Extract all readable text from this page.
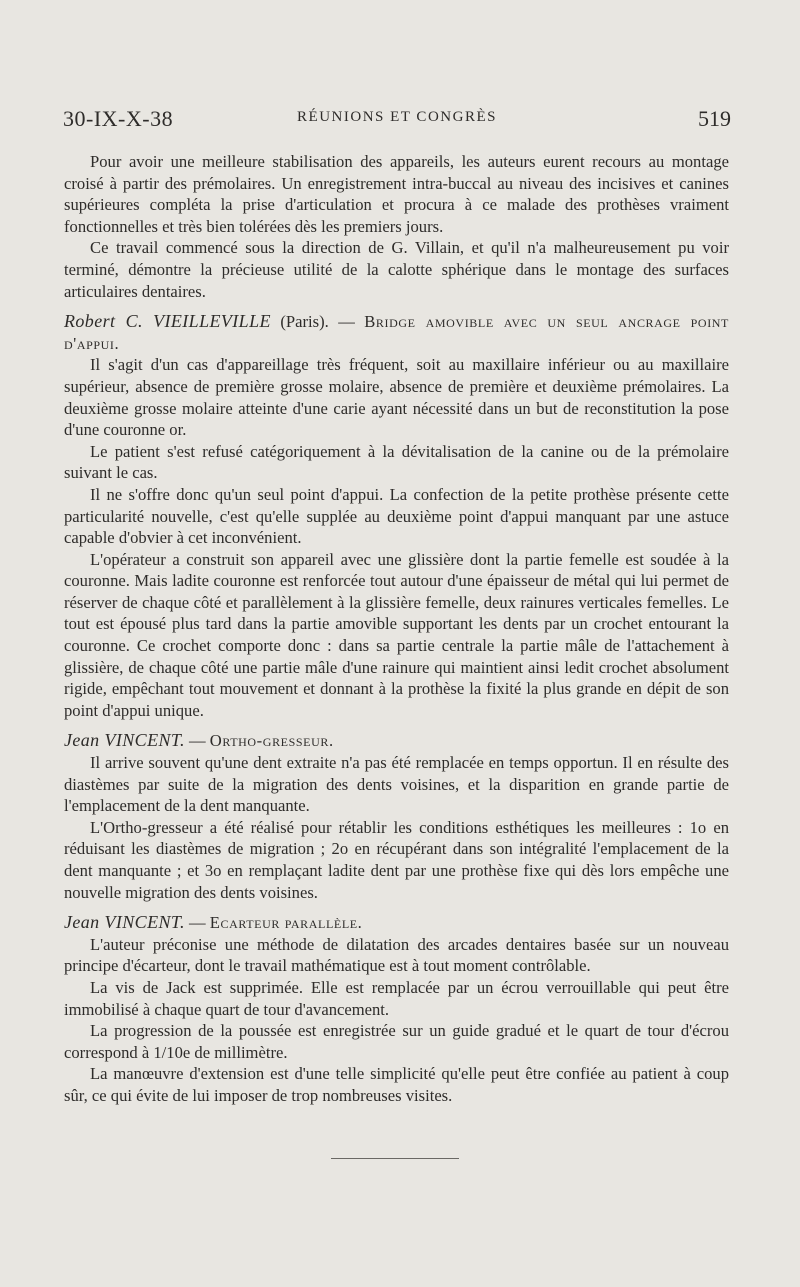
30-IX-X-38	RÉUNIONS ET CONGRÈS	519

Pour avoir une meilleure stabilisation des appareils, les auteurs eurent recours au montage croisé à partir des prémolaires. Un enregistrement intra-buccal au niveau des incisives et canines supérieures compléta la prise d'articulation et procura à ce malade des prothèses vraiment fonctionnelles et très bien tolérées dès les premiers jours.

Ce travail commencé sous la direction de G. Villain, et qu'il n'a malheureusement pu voir terminé, démontre la précieuse utilité de la calotte sphérique dans le montage des surfaces articulaires dentaires.

Robert C. VIEILLEVILLE (Paris). — Bridge amovible avec un seul ancrage point d'appui.

Il s'agit d'un cas d'appareillage très fréquent, soit au maxillaire inférieur ou au maxillaire supérieur, absence de première grosse molaire, absence de première et deuxième prémolaires. La deuxième grosse molaire atteinte d'une carie ayant nécessité dans un but de reconstitution la pose d'une couronne or.

Le patient s'est refusé catégoriquement à la dévitalisation de la canine ou de la prémolaire suivant le cas.

Il ne s'offre donc qu'un seul point d'appui. La confection de la petite prothèse présente cette particularité nouvelle, c'est qu'elle supplée au deuxième point d'appui manquant par une astuce capable d'obvier à cet inconvénient.

L'opérateur a construit son appareil avec une glissière dont la partie femelle est soudée à la couronne. Mais ladite couronne est renforcée tout autour d'une épaisseur de métal qui lui permet de réserver de chaque côté et parallèlement à la glissière femelle, deux rainures verticales femelles. Le tout est épousé plus tard dans la partie amovible supportant les dents par un crochet entourant la couronne. Ce crochet comporte donc : dans sa partie centrale la partie mâle de l'attachement à glissière, de chaque côté une partie mâle d'une rainure qui maintient ainsi ledit crochet absolument rigide, empêchant tout mouvement et donnant à la prothèse la fixité la plus grande en dépit de son point d'appui unique.

Jean VINCENT. — Ortho-gresseur.

Il arrive souvent qu'une dent extraite n'a pas été remplacée en temps opportun. Il en résulte des diastèmes par suite de la migration des dents voisines, et la disparition en grande partie de l'emplacement de la dent manquante.

L'Ortho-gresseur a été réalisé pour rétablir les conditions esthétiques les meilleures : 1o en réduisant les diastèmes de migration ; 2o en récupérant dans son intégralité l'emplacement de la dent manquante ; et 3o en remplaçant ladite dent par une prothèse fixe qui dès lors empêche une nouvelle migration des dents voisines.

Jean VINCENT. — Ecarteur parallèle.

L'auteur préconise une méthode de dilatation des arcades dentaires basée sur un nouveau principe d'écarteur, dont le travail mathématique est à tout moment contrôlable.

La vis de Jack est supprimée. Elle est remplacée par un écrou verrouillable qui peut être immobilisé à chaque quart de tour d'avancement.

La progression de la poussée est enregistrée sur un guide gradué et le quart de tour d'écrou correspond à 1/10e de millimètre.

La manœuvre d'extension est d'une telle simplicité qu'elle peut être confiée au patient à coup sûr, ce qui évite de lui imposer de trop nombreuses visites.
